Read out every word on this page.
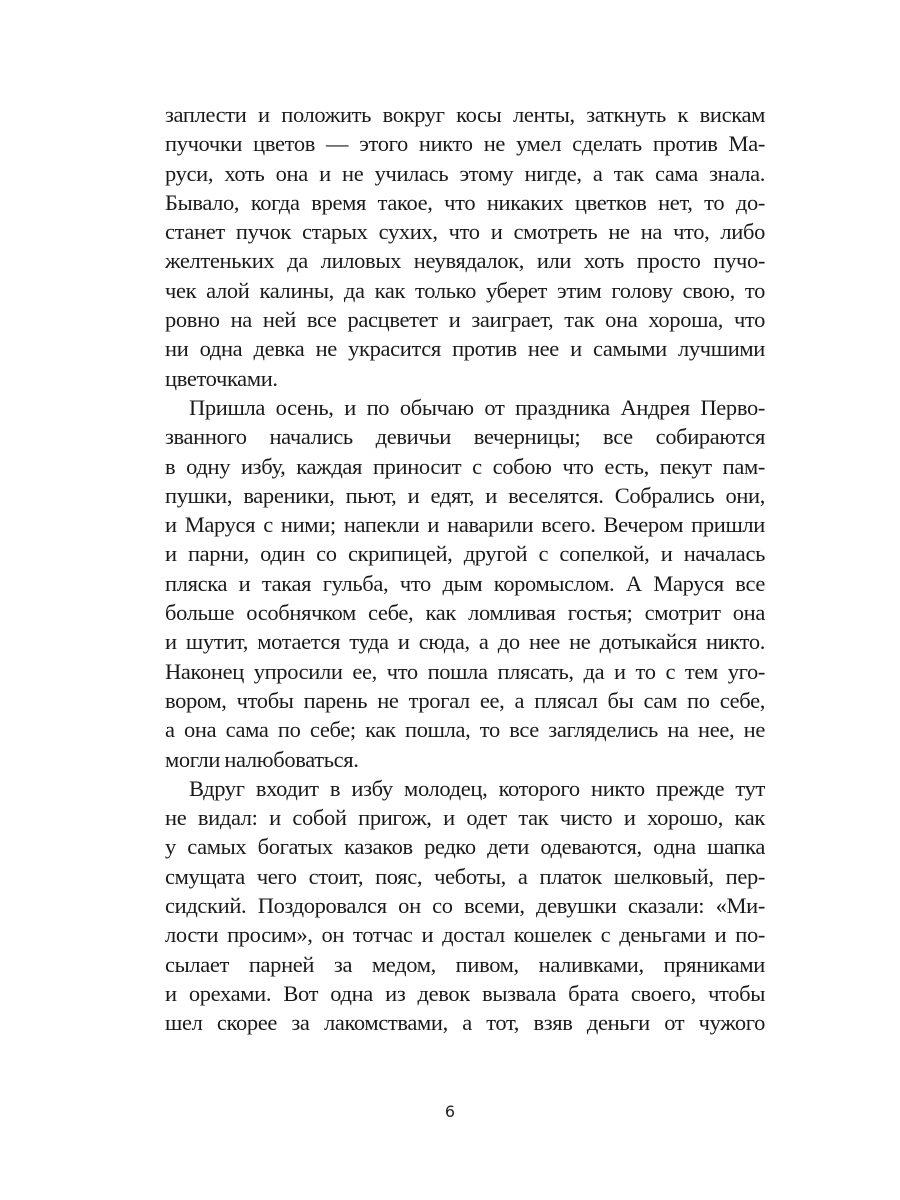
заплести и положить вокруг косы ленты, заткнуть к вискам
пучочки цветов — этого никто не умел сделать против Ма-
руси, хоть она и не училась этому нигде, а так сама знала.
Бывало, когда время такое, что никаких цветков нет, то до-
станет пучок старых сухих, что и смотреть не на что, либо
желтеньких да лиловых неувядалок, или хоть просто пучо-
чек алой калины, да как только уберет этим голову свою, то
ровно на ней все расцветет и заиграет, так она хороша, что
ни одна девка не украсится против нее и самыми лучшими
цветочками.
Пришла осень, и по обычаю от праздника Андрея Перво-
званного начались девичьи вечерницы; все собираются
в одну избу, каждая приносит с собою что есть, пекут пам-
пушки, вареники, пьют, и едят, и веселятся. Собрались они,
и Маруся с ними; напекли и наварили всего. Вечером пришли
и парни, один со скрипицей, другой с сопелкой, и началась
пляска и такая гульба, что дым коромыслом. А Маруся все
больше особнячком себе, как ломливая гостья; смотрит она
и шутит, мотается туда и сюда, а до нее не дотыкайся никто.
Наконец упросили ее, что пошла плясать, да и то с тем уго-
вором, чтобы парень не трогал ее, а плясал бы сам по себе,
а она сама по себе; как пошла, то все загляделись на нее, не
могли налюбоваться.
Вдруг входит в избу молодец, которого никто прежде тут
не видал: и собой пригож, и одет так чисто и хорошо, как
у самых богатых казаков редко дети одеваются, одна шапка
смущата чего стоит, пояс, чеботы, а платок шелковый, пер-
сидский. Поздоровался он со всеми, девушки сказали: «Ми-
лости просим», он тотчас и достал кошелек с деньгами и по-
сылает парней за медом, пивом, наливками, пряниками
и орехами. Вот одна из девок вызвала брата своего, чтобы
шел скорее за лакомствами, а тот, взяв деньги от чужого
6
